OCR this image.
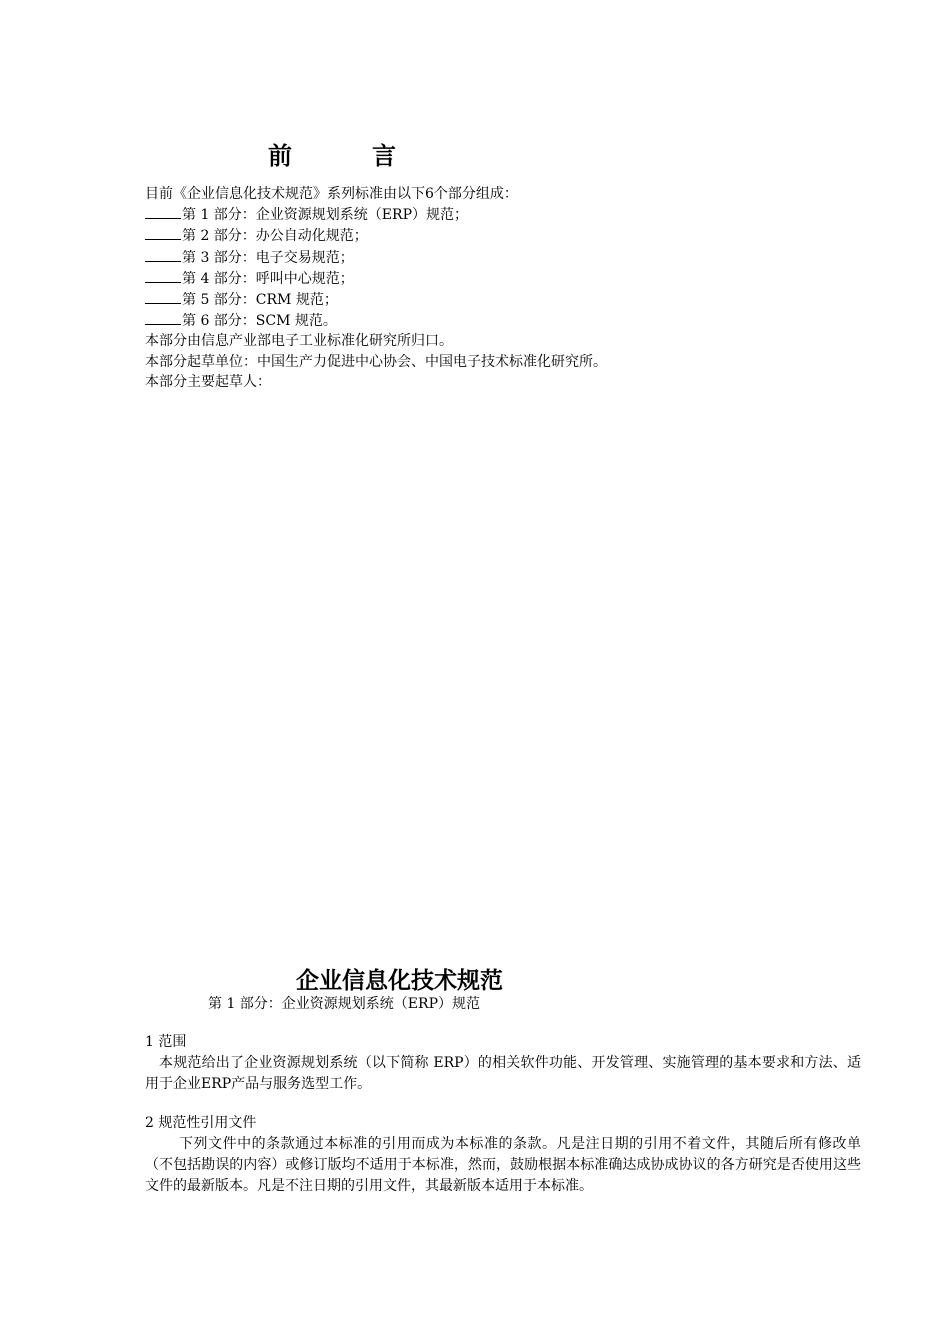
前	言
目前《企业信息化技术规范》系列标准由以下6个部分组成：
第 1 部分：企业资源规划系统（ERP）规范；
第 2 部分：办公自动化规范；
第 3 部分：电子交易规范；
第 4 部分：呼叫中心规范；
第 5 部分：CRM 规范；
第 6 部分：SCM 规范。
本部分由信息产业部电子工业标准化研究所归口。
本部分起草单位：中国生产力促进中心协会、中国电子技术标准化研究所。
本部分主要起草人：
企业信息化技术规范
第 1 部分：企业资源规划系统（ERP）规范
1 范围
本规范给出了企业资源规划系统（以下简称 ERP）的相关软件功能、开发管理、实施管理的基本要求和方法、适用于企业ERP产品与服务选型工作。
2 规范性引用文件
下列文件中的条款通过本标准的引用而成为本标准的条款。凡是注日期的引用不着文件，其随后所有修改单（不包括勘误的内容）或修订版均不适用于本标准，然而，鼓励根据本标准确达成协成协议的各方研究是否使用这些文件的最新版本。凡是不注日期的引用文件，其最新版本适用于本标准。
